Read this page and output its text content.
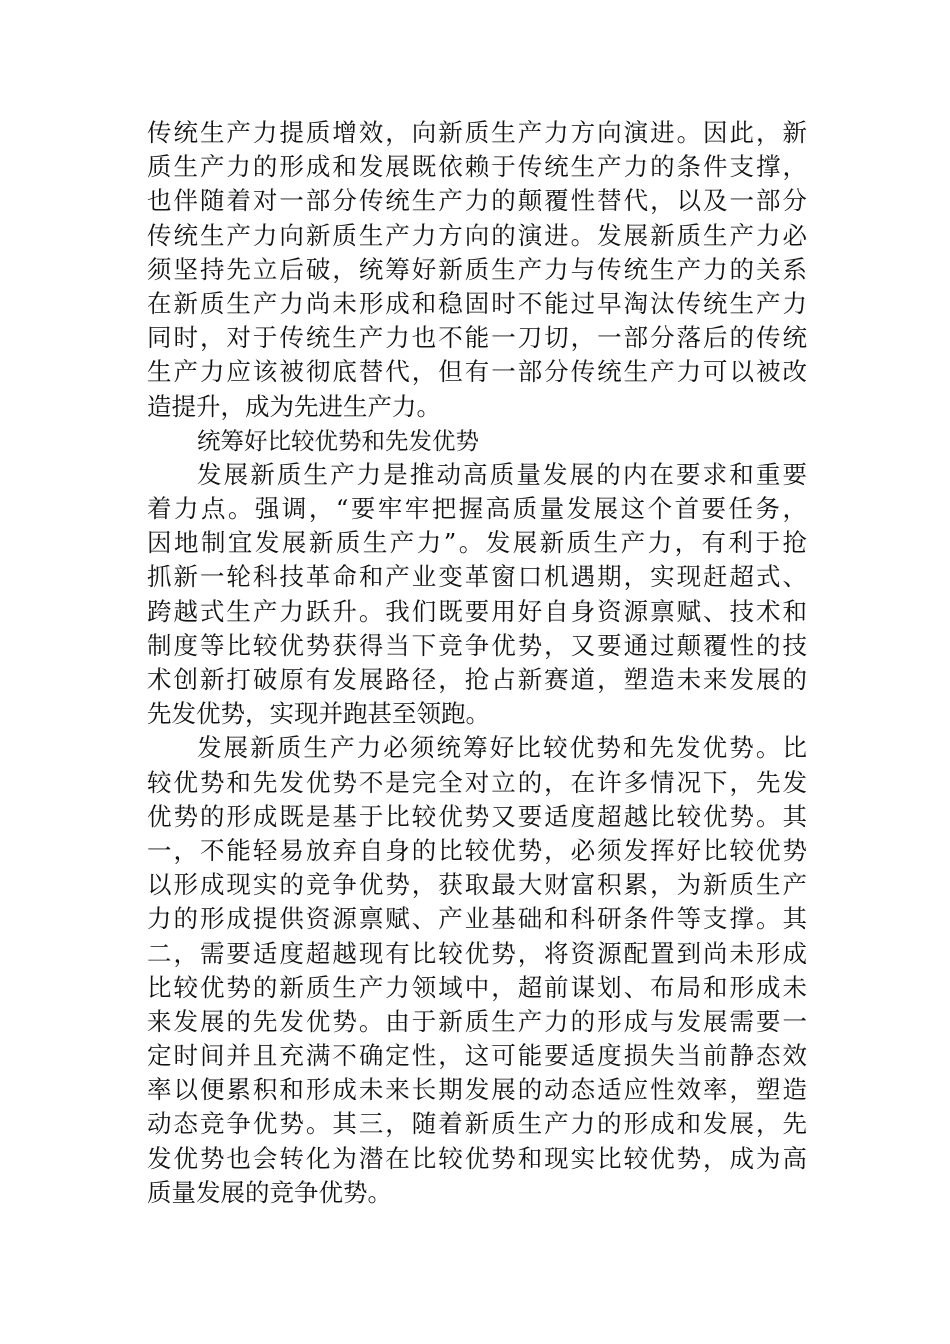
传统生产力提质增效，向新质生产力方向演进。因此，新
质生产力的形成和发展既依赖于传统生产力的条件支撑，
也伴随着对一部分传统生产力的颠覆性替代，以及一部分
传统生产力向新质生产力方向的演进。发展新质生产力必
须坚持先立后破，统筹好新质生产力与传统生产力的关系
在新质生产力尚未形成和稳固时不能过早淘汰传统生产力
同时，对于传统生产力也不能一刀切，一部分落后的传统
生产力应该被彻底替代，但有一部分传统生产力可以被改
造提升，成为先进生产力。
统筹好比较优势和先发优势
发展新质生产力是推动高质量发展的内在要求和重要
着力点。强调，“要牢牢把握高质量发展这个首要任务，
因地制宜发展新质生产力”。发展新质生产力，有利于抢
抓新一轮科技革命和产业变革窗口机遇期，实现赶超式、
跨越式生产力跃升。我们既要用好自身资源禀赋、技术和
制度等比较优势获得当下竞争优势，又要通过颠覆性的技
术创新打破原有发展路径，抢占新赛道，塑造未来发展的
先发优势，实现并跑甚至领跑。
发展新质生产力必须统筹好比较优势和先发优势。比
较优势和先发优势不是完全对立的，在许多情况下，先发
优势的形成既是基于比较优势又要适度超越比较优势。其
一，不能轻易放弃自身的比较优势，必须发挥好比较优势
以形成现实的竞争优势，获取最大财富积累，为新质生产
力的形成提供资源禀赋、产业基础和科研条件等支撑。其
二，需要适度超越现有比较优势，将资源配置到尚未形成
比较优势的新质生产力领域中，超前谋划、布局和形成未
来发展的先发优势。由于新质生产力的形成与发展需要一
定时间并且充满不确定性，这可能要适度损失当前静态效
率以便累积和形成未来长期发展的动态适应性效率，塑造
动态竞争优势。其三，随着新质生产力的形成和发展，先
发优势也会转化为潜在比较优势和现实比较优势，成为高
质量发展的竞争优势。
